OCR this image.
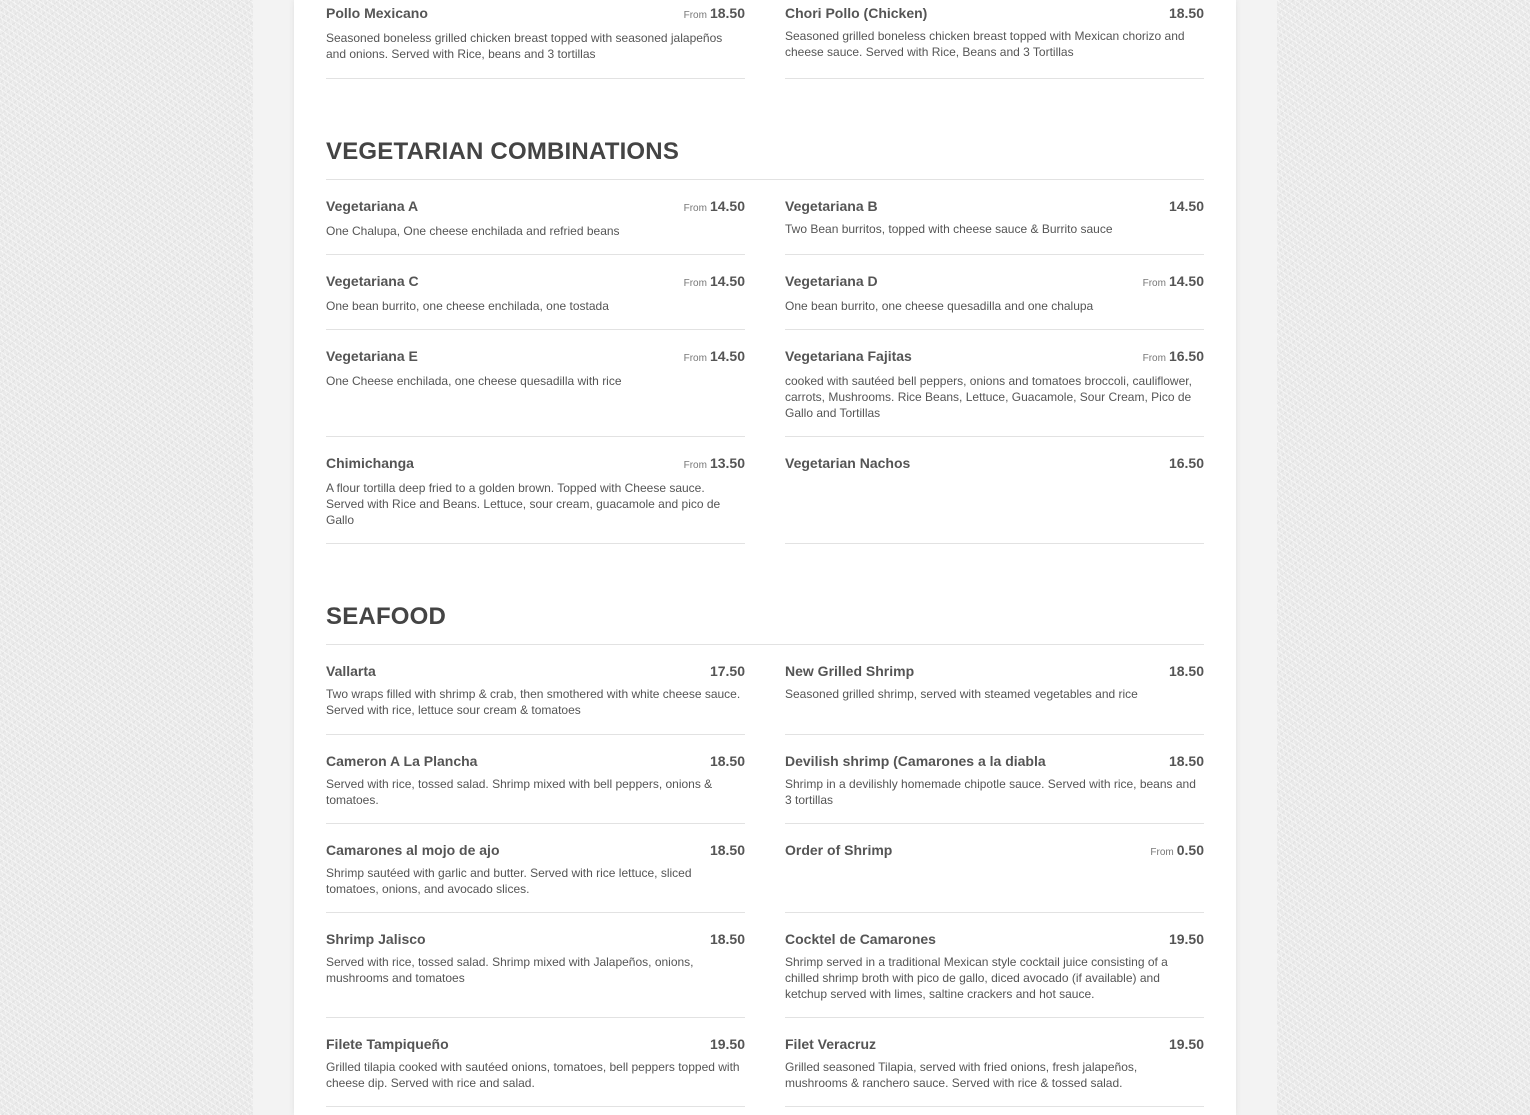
Pollo Mexicano	From 18.50
Seasoned boneless grilled chicken breast topped with seasoned jalapeños and onions. Served with Rice, beans and 3 tortillas
Chori Pollo (Chicken)	18.50
Seasoned grilled boneless chicken breast topped with Mexican chorizo and cheese sauce. Served with Rice, Beans and 3 Tortillas
VEGETARIAN COMBINATIONS
Vegetariana A	From 14.50
One Chalupa, One cheese enchilada and refried beans
Vegetariana B	14.50
Two Bean burritos, topped with cheese sauce & Burrito sauce
Vegetariana C	From 14.50
One bean burrito, one cheese enchilada, one tostada
Vegetariana D	From 14.50
One bean burrito, one cheese quesadilla and one chalupa
Vegetariana E	From 14.50
One Cheese enchilada, one cheese quesadilla with rice
Vegetariana Fajitas	From 16.50
cooked with sautéed bell peppers, onions and tomatoes broccoli, cauliflower, carrots, Mushrooms. Rice Beans, Lettuce, Guacamole, Sour Cream, Pico de Gallo and Tortillas
Chimichanga	From 13.50
A flour tortilla deep fried to a golden brown. Topped with Cheese sauce. Served with Rice and Beans. Lettuce, sour cream, guacamole and pico de Gallo
Vegetarian Nachos	16.50
SEAFOOD
Vallarta	17.50
Two wraps filled with shrimp & crab, then smothered with white cheese sauce. Served with rice, lettuce sour cream & tomatoes
New Grilled Shrimp	18.50
Seasoned grilled shrimp, served with steamed vegetables and rice
Cameron A La Plancha	18.50
Served with rice, tossed salad. Shrimp mixed with bell peppers, onions & tomatoes.
Devilish shrimp (Camarones a la diabla	18.50
Shrimp in a devilishly homemade chipotle sauce. Served with rice, beans and 3 tortillas
Camarones al mojo de ajo	18.50
Shrimp sautéed with garlic and butter. Served with rice lettuce, sliced tomatoes, onions, and avocado slices.
Order of Shrimp	From 0.50
Shrimp Jalisco	18.50
Served with rice, tossed salad. Shrimp mixed with Jalapeños, onions, mushrooms and tomatoes
Cocktel de Camarones	19.50
Shrimp served in a traditional Mexican style cocktail juice consisting of a chilled shrimp broth with pico de gallo, diced avocado (if available) and ketchup served with limes, saltine crackers and hot sauce.
Filete Tampiqueño	19.50
Grilled tilapia cooked with sautéed onions, tomatoes, bell peppers topped with cheese dip. Served with rice and salad.
Filet Veracruz	19.50
Grilled seasoned Tilapia, served with fried onions, fresh jalapeños, mushrooms & ranchero sauce. Served with rice & tossed salad.
